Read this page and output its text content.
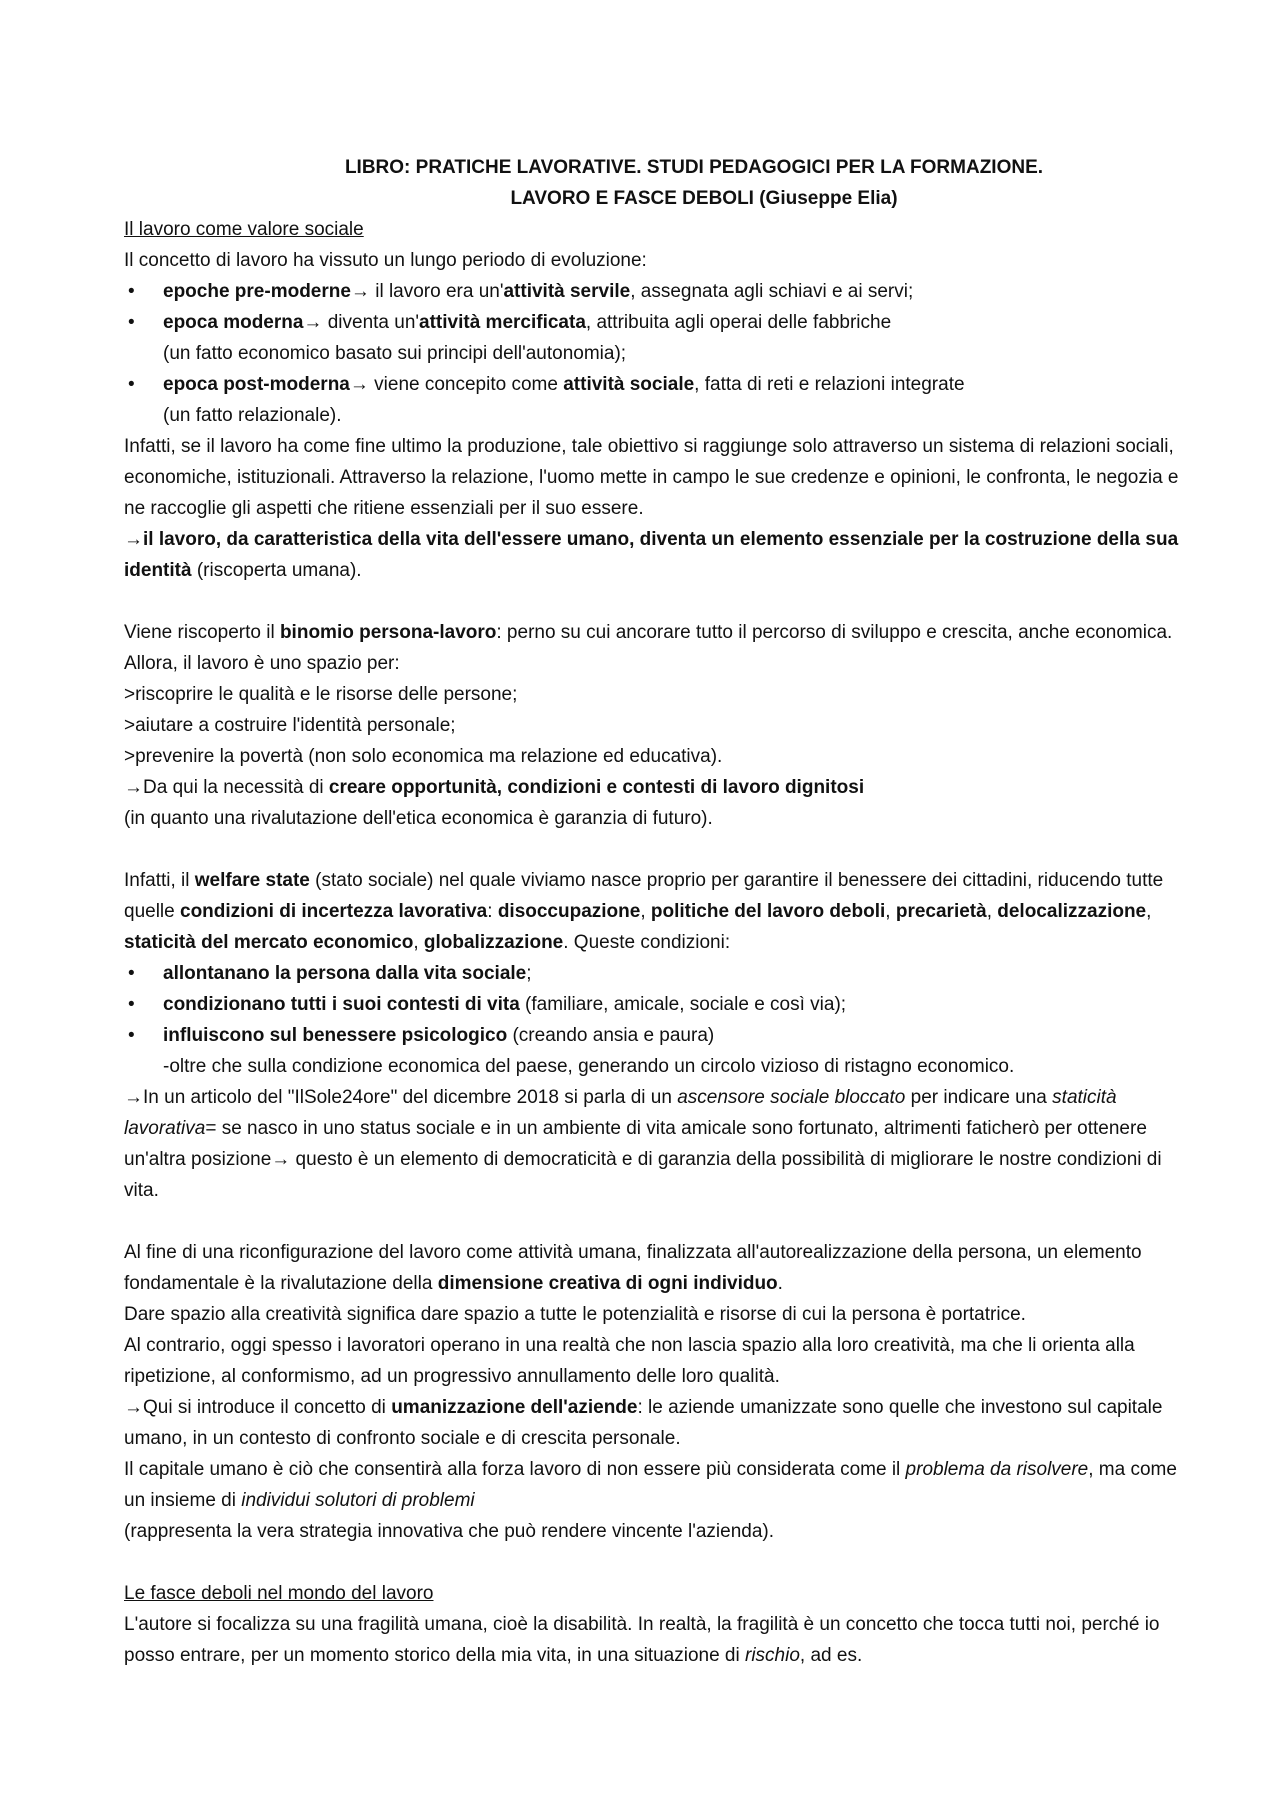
LIBRO: PRATICHE LAVORATIVE. STUDI PEDAGOGICI PER LA FORMAZIONE.

LAVORO E FASCE DEBOLI (Giuseppe Elia)

Il lavoro come valore sociale

Il concetto di lavoro ha vissuto un lungo periodo di evoluzione:

• epoche pre-moderne→ il lavoro era un'attività servile, assegnata agli schiavi e ai servi;

• epoca moderna→ diventa un'attività mercificata, attribuita agli operai delle fabbriche

(un fatto economico basato sui principi dell'autonomia);

• epoca post-moderna→ viene concepito come attività sociale, fatta di reti e relazioni integrate

(un fatto relazionale).

Infatti, se il lavoro ha come fine ultimo la produzione, tale obiettivo si raggiunge solo attraverso un sistema di relazioni sociali, economiche, istituzionali. Attraverso la relazione, l'uomo mette in campo le sue credenze e opinioni, le confronta, le negozia e ne raccoglie gli aspetti che ritiene essenziali per il suo essere.

→il lavoro, da caratteristica della vita dell'essere umano, diventa un elemento essenziale per la costruzione della sua identità (riscoperta umana).

Viene riscoperto il binomio persona-lavoro: perno su cui ancorare tutto il percorso di sviluppo e crescita, anche economica. Allora, il lavoro è uno spazio per:

>riscoprire le qualità e le risorse delle persone;

>aiutare a costruire l'identità personale;

>prevenire la povertà (non solo economica ma relazione ed educativa).

→Da qui la necessità di creare opportunità, condizioni e contesti di lavoro dignitosi

(in quanto una rivalutazione dell'etica economica è garanzia di futuro).

Infatti, il welfare state (stato sociale) nel quale viviamo nasce proprio per garantire il benessere dei cittadini, riducendo tutte quelle condizioni di incertezza lavorativa: disoccupazione, politiche del lavoro deboli, precarietà, delocalizzazione, staticità del mercato economico, globalizzazione. Queste condizioni:

• allontanano la persona dalla vita sociale;

• condizionano tutti i suoi contesti di vita (familiare, amicale, sociale e così via);

• influiscono sul benessere psicologico (creando ansia e paura)

-oltre che sulla condizione economica del paese, generando un circolo vizioso di ristagno economico.

→In un articolo del "IlSole24ore" del dicembre 2018 si parla di un ascensore sociale bloccato per indicare una staticità lavorativa= se nasco in uno status sociale e in un ambiente di vita amicale sono fortunato, altrimenti faticherò per ottenere un'altra posizione→ questo è un elemento di democraticità e di garanzia della possibilità di migliorare le nostre condizioni di vita.

Al fine di una riconfigurazione del lavoro come attività umana, finalizzata all'autorealizzazione della persona, un elemento fondamentale è la rivalutazione della dimensione creativa di ogni individuo.

Dare spazio alla creatività significa dare spazio a tutte le potenzialità e risorse di cui la persona è portatrice.

Al contrario, oggi spesso i lavoratori operano in una realtà che non lascia spazio alla loro creatività, ma che li orienta alla ripetizione, al conformismo, ad un progressivo annullamento delle loro qualità.

→Qui si introduce il concetto di umanizzazione dell'aziende: le aziende umanizzate sono quelle che investono sul capitale umano, in un contesto di confronto sociale e di crescita personale.

Il capitale umano è ciò che consentirà alla forza lavoro di non essere più considerata come il problema da risolvere, ma come un insieme di individui solutori di problemi

(rappresenta la vera strategia innovativa che può rendere vincente l'azienda).

Le fasce deboli nel mondo del lavoro

L'autore si focalizza su una fragilità umana, cioè la disabilità. In realtà, la fragilità è un concetto che tocca tutti noi, perché io posso entrare, per un momento storico della mia vita, in una situazione di rischio, ad es.
